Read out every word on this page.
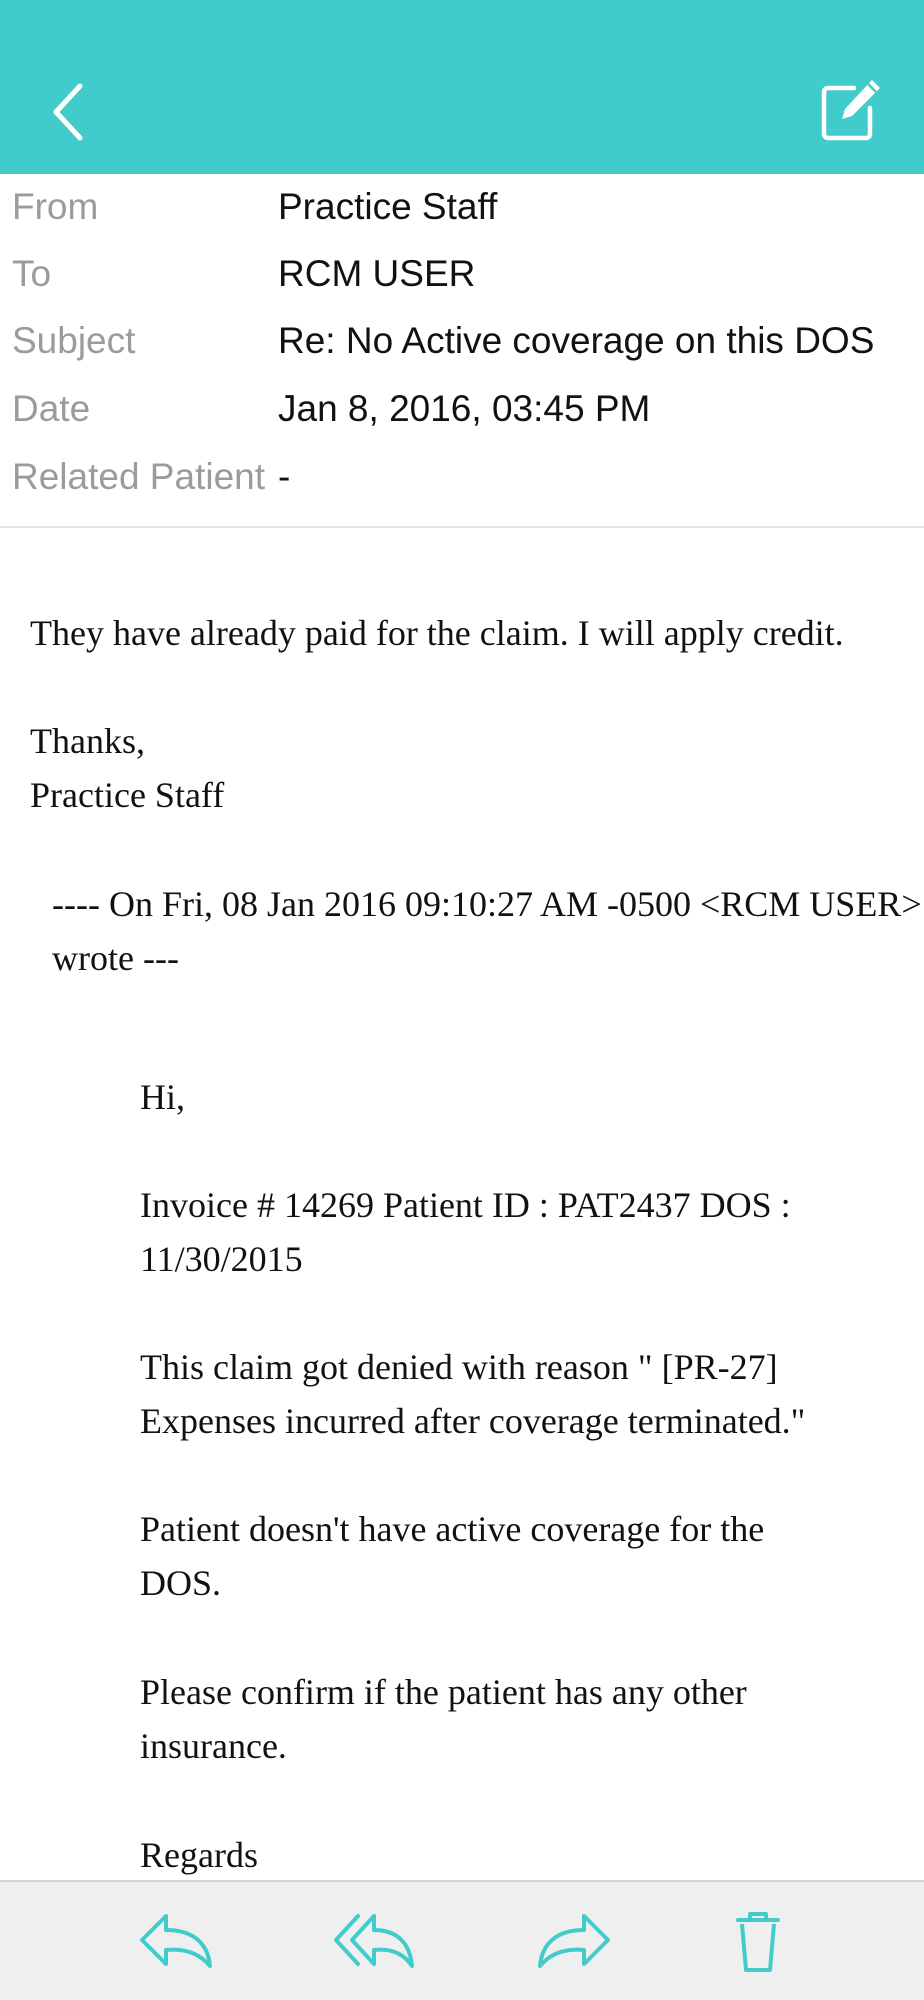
From	Practice Staff
To	RCM USER
Subject	Re: No Active coverage on this DOS
Date	Jan 8, 2016, 03:45 PM
Related Patient -

They have already paid for the claim. I will apply credit.

Thanks,

Practice Staff

---- On Fri, 08 Jan 2016 09:10:27 AM -0500 <RCM USER>

wrote ---

Hi,

Invoice # 14269 Patient ID : PAT2437 DOS :

11/30/2015

This claim got denied with reason " [PR-27]

Expenses incurred after coverage terminated."

Patient doesn't have active coverage for the

DOS.

Please confirm if the patient has any other

insurance.

Regards
